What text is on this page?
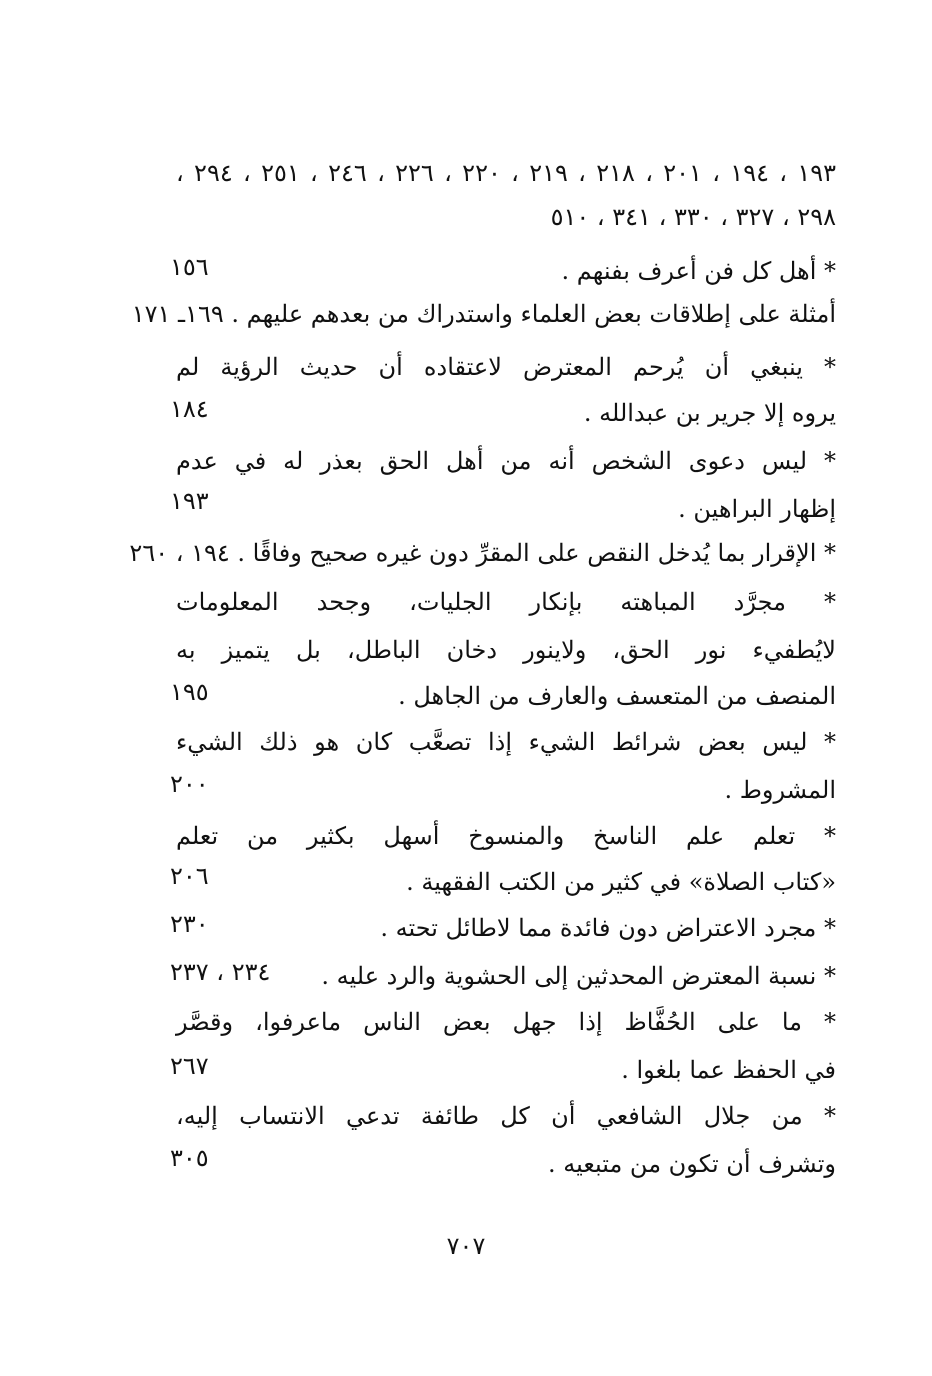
١٩٣ ، ١٩٤ ، ٢٠١ ، ٢١٨ ، ٢١٩ ، ٢٢٠ ، ٢٢٦ ، ٢٤٦ ، ٢٥١ ، ٢٩٤ ،
٢٩٨ ، ٣٢٧ ، ٣٣٠ ، ٣٤١ ، ٥١٠
* أهل كل فن أعرف بفنهم .
١٥٦
أمثلة على إطلاقات بعض العلماء واستدراك من بعدهم عليهم . ١٦٩ـ ١٧١
* ينبغي أن يُرحم المعترض لاعتقاده أن حديث الرؤية لم
يروه إلا جرير بن عبدالله .
١٨٤
* ليس دعوى الشخص أنه من أهل الحق بعذر له في عدم
إظهار البراهين .
١٩٣
* الإقرار بما يُدخل النقص على المقرِّ دون غيره صحيح وفاقًا . ١٩٤ ، ٢٦٠
* مجرَّد المباهته بإنكار الجليات، وجحد المعلومات
لايُطفيء نور الحق، ولاينور دخان الباطل، بل يتميز به
المنصف من المتعسف والعارف من الجاهل .
١٩٥
* ليس بعض شرائط الشيء إذا تصعَّب كان هو ذلك الشيء
المشروط .
٢٠٠
* تعلم علم الناسخ والمنسوخ أسهل بكثير من تعلم
«كتاب الصلاة» في كثير من الكتب الفقهية .
٢٠٦
* مجرد الاعتراض دون فائدة مما لاطائل تحته .
٢٣٠
* نسبة المعترض المحدثين إلى الحشوية والرد عليه .
٢٣٤ ، ٢٣٧
* ما على الحُفَّاظ إذا جهل بعض الناس ماعرفوا، وقصَّر
في الحفظ عما بلغوا .
٢٦٧
* من جلال الشافعي أن كل طائفة تدعي الانتساب إليه،
وتشرف أن تكون من متبعيه .
٣٠٥
٧٠٧
